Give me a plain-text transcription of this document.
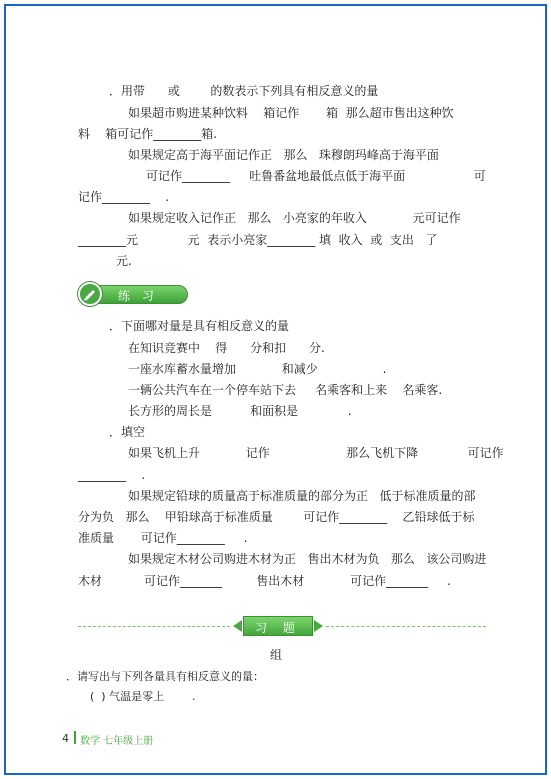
．用带      或        的数表示下列具有相反意义的量
如果超市购进某种饮料    箱记作       箱  那么超市售出这种饮
料    箱可记作________箱.
如果规定高于海平面记作正   那么   珠穆朗玛峰高于海平面
可记作________     吐鲁番盆地最低点低于海平面                  可
记作________    .
如果规定收入记作正   那么   小亮家的年收入            元可记作
________元             元  表示小亮家________ 填  收入  或  支出   了
元.
练 习
．下面哪对量是具有相反意义的量
在知识竞赛中    得      分和扣      分.
一座水库蓄水量增加            和减少                 .
一辆公共汽车在一个停车站下去     名乘客和上来    名乘客.
长方形的周长是          和面积是             .
．填空
如果飞机上升            记作                    那么飞机下降             可记作
________    .
如果规定铅球的质量高于标准质量的部分为正   低于标准质量的部
分为负   那么    甲铅球高于标准质量        可记作________    乙铅球低于标
准质量       可记作________     .
如果规定木材公司购进木材为正   售出木材为负   那么   该公司购进
木材           可记作_______         售出木材            可记作_______     .
习 题
组
．请写出与下列各量具有相反意义的量：
(  ) 气温是零上        .
4 数学 七年级上册
